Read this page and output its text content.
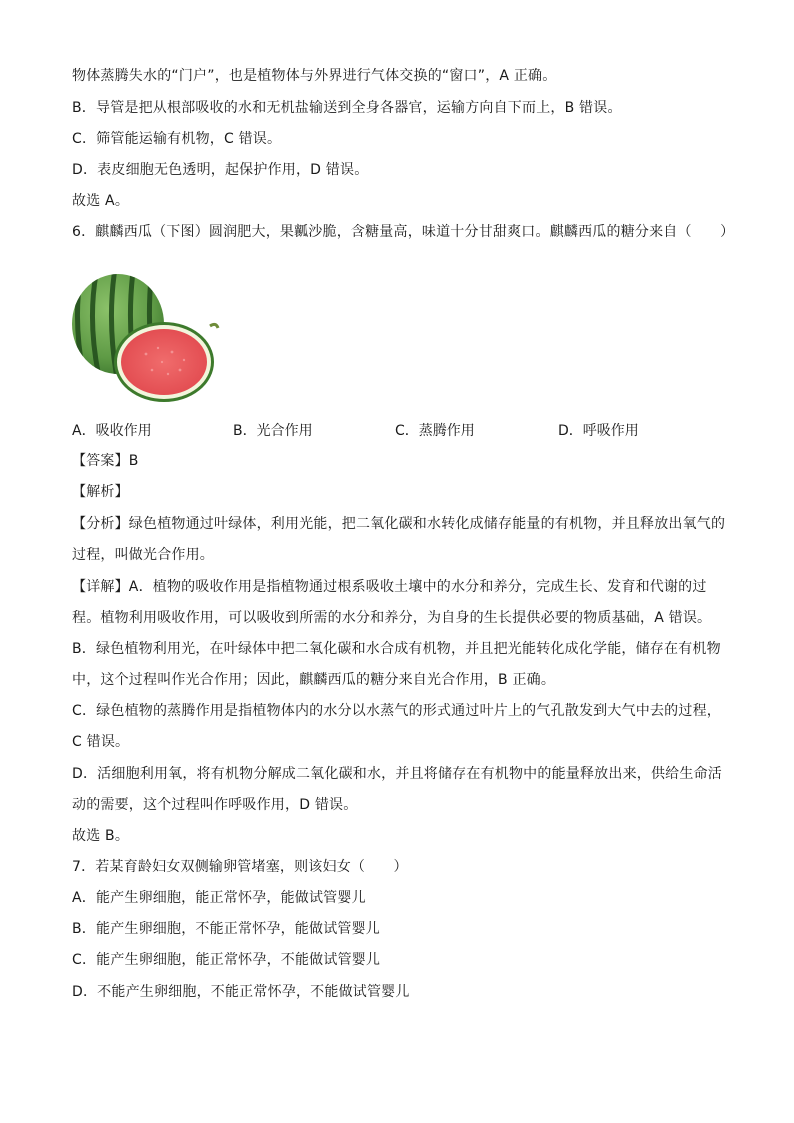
物体蒸腾失水的“门户”，也是植物体与外界进行气体交换的“窗口”，A 正确。
B．导管是把从根部吸收的水和无机盐输送到全身各器官，运输方向自下而上，B 错误。
C．筛管能运输有机物，C 错误。
D．表皮细胞无色透明，起保护作用，D 错误。
故选 A。
6．麒麟西瓜（下图）圆润肥大，果瓤沙脆，含糖量高，味道十分甘甜爽口。麒麟西瓜的糖分来自（　　）
A．吸收作用	B．光合作用	C．蒸腾作用	D．呼吸作用
【答案】B
【解析】
【分析】绿色植物通过叶绿体，利用光能，把二氧化碳和水转化成储存能量的有机物，并且释放出氧气的
过程，叫做光合作用。
【详解】A．植物的吸收作用是指植物通过根系吸收土壤中的水分和养分，完成生长、发育和代谢的过
程。植物利用吸收作用，可以吸收到所需的水分和养分，为自身的生长提供必要的物质基础，A 错误。
B．绿色植物利用光，在叶绿体中把二氧化碳和水合成有机物，并且把光能转化成化学能，储存在有机物
中，这个过程叫作光合作用；因此，麒麟西瓜的糖分来自光合作用，B 正确。
C．绿色植物的蒸腾作用是指植物体内的水分以水蒸气的形式通过叶片上的气孔散发到大气中去的过程，
C 错误。
D．活细胞利用氧，将有机物分解成二氧化碳和水，并且将储存在有机物中的能量释放出来，供给生命活
动的需要，这个过程叫作呼吸作用，D 错误。
故选 B。
7．若某育龄妇女双侧输卵管堵塞，则该妇女（　　）
A．能产生卵细胞，能正常怀孕，能做试管婴儿
B．能产生卵细胞，不能正常怀孕，能做试管婴儿
C．能产生卵细胞，能正常怀孕，不能做试管婴儿
D．不能产生卵细胞，不能正常怀孕，不能做试管婴儿
